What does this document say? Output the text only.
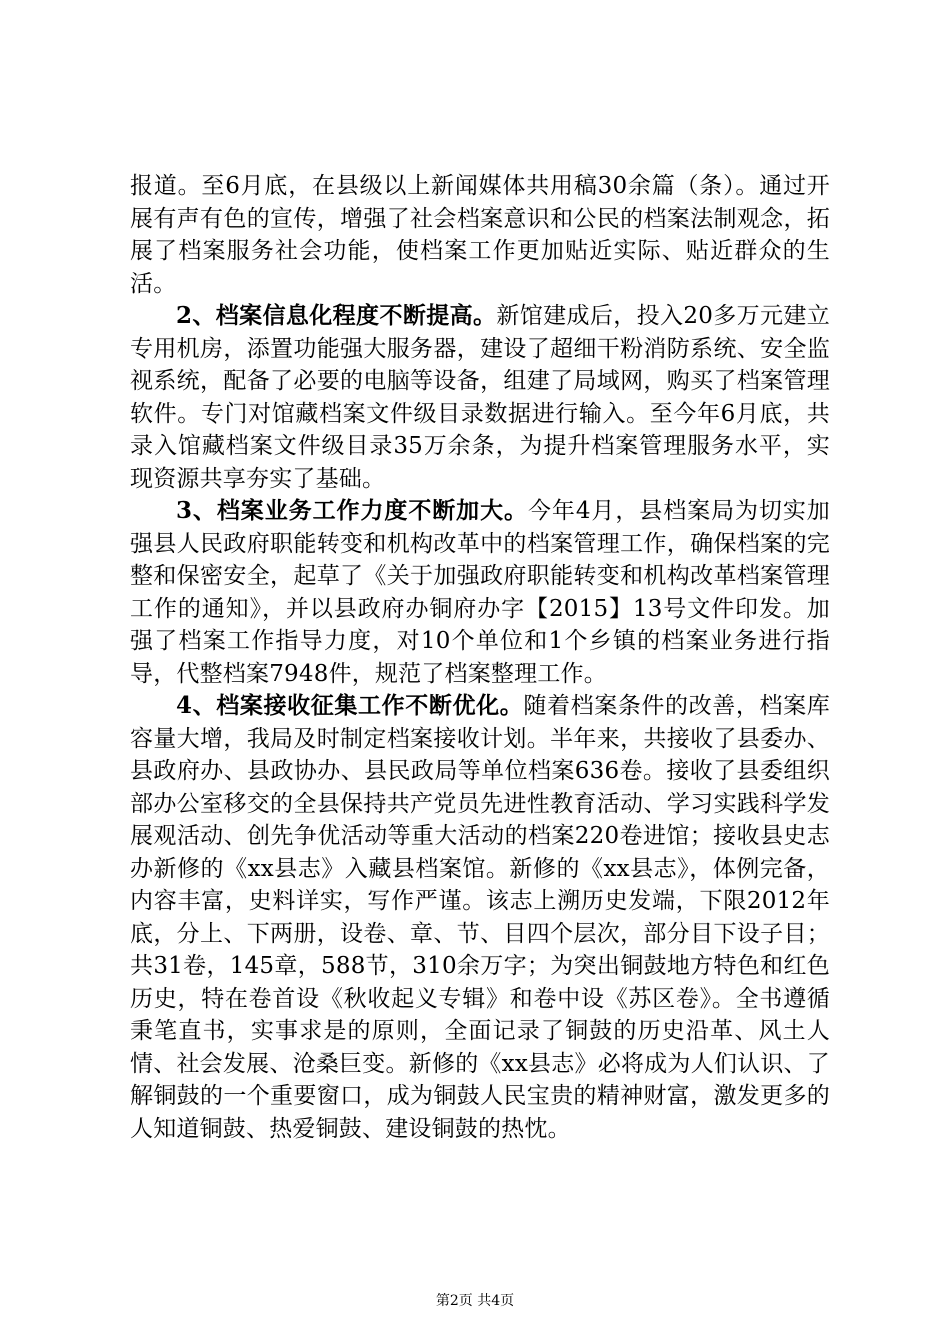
报道。至6月底，在县级以上新闻媒体共用稿30余篇（条）。通过开展有声有色的宣传，增强了社会档案意识和公民的档案法制观念，拓展了档案服务社会功能，使档案工作更加贴近实际、贴近群众的生活。

2、档案信息化程度不断提高。新馆建成后，投入20多万元建立专用机房，添置功能强大服务器，建设了超细干粉消防系统、安全监视系统，配备了必要的电脑等设备，组建了局域网，购买了档案管理软件。专门对馆藏档案文件级目录数据进行输入。至今年6月底，共录入馆藏档案文件级目录35万余条，为提升档案管理服务水平，实现资源共享夯实了基础。

3、档案业务工作力度不断加大。今年4月，县档案局为切实加强县人民政府职能转变和机构改革中的档案管理工作，确保档案的完整和保密安全，起草了《关于加强政府职能转变和机构改革档案管理工作的通知》，并以县政府办铜府办字【2015】13号文件印发。加强了档案工作指导力度，对10个单位和1个乡镇的档案业务进行指导，代整档案7948件，规范了档案整理工作。

4、档案接收征集工作不断优化。随着档案条件的改善，档案库容量大增，我局及时制定档案接收计划。半年来，共接收了县委办、县政府办、县政协办、县民政局等单位档案636卷。接收了县委组织部办公室移交的全县保持共产党员先进性教育活动、学习实践科学发展观活动、创先争优活动等重大活动的档案220卷进馆；接收县史志办新修的《xx县志》入藏县档案馆。新修的《xx县志》，体例完备，内容丰富，史料详实，写作严谨。该志上溯历史发端，下限2012年底，分上、下两册，设卷、章、节、目四个层次，部分目下设子目；共31卷，145章，588节，310余万字；为突出铜鼓地方特色和红色历史，特在卷首设《秋收起义专辑》和卷中设《苏区卷》。全书遵循秉笔直书，实事求是的原则，全面记录了铜鼓的历史沿革、风土人情、社会发展、沧桑巨变。新修的《xx县志》必将成为人们认识、了解铜鼓的一个重要窗口，成为铜鼓人民宝贵的精神财富，激发更多的人知道铜鼓、热爱铜鼓、建设铜鼓的热忱。

第2页 共4页
